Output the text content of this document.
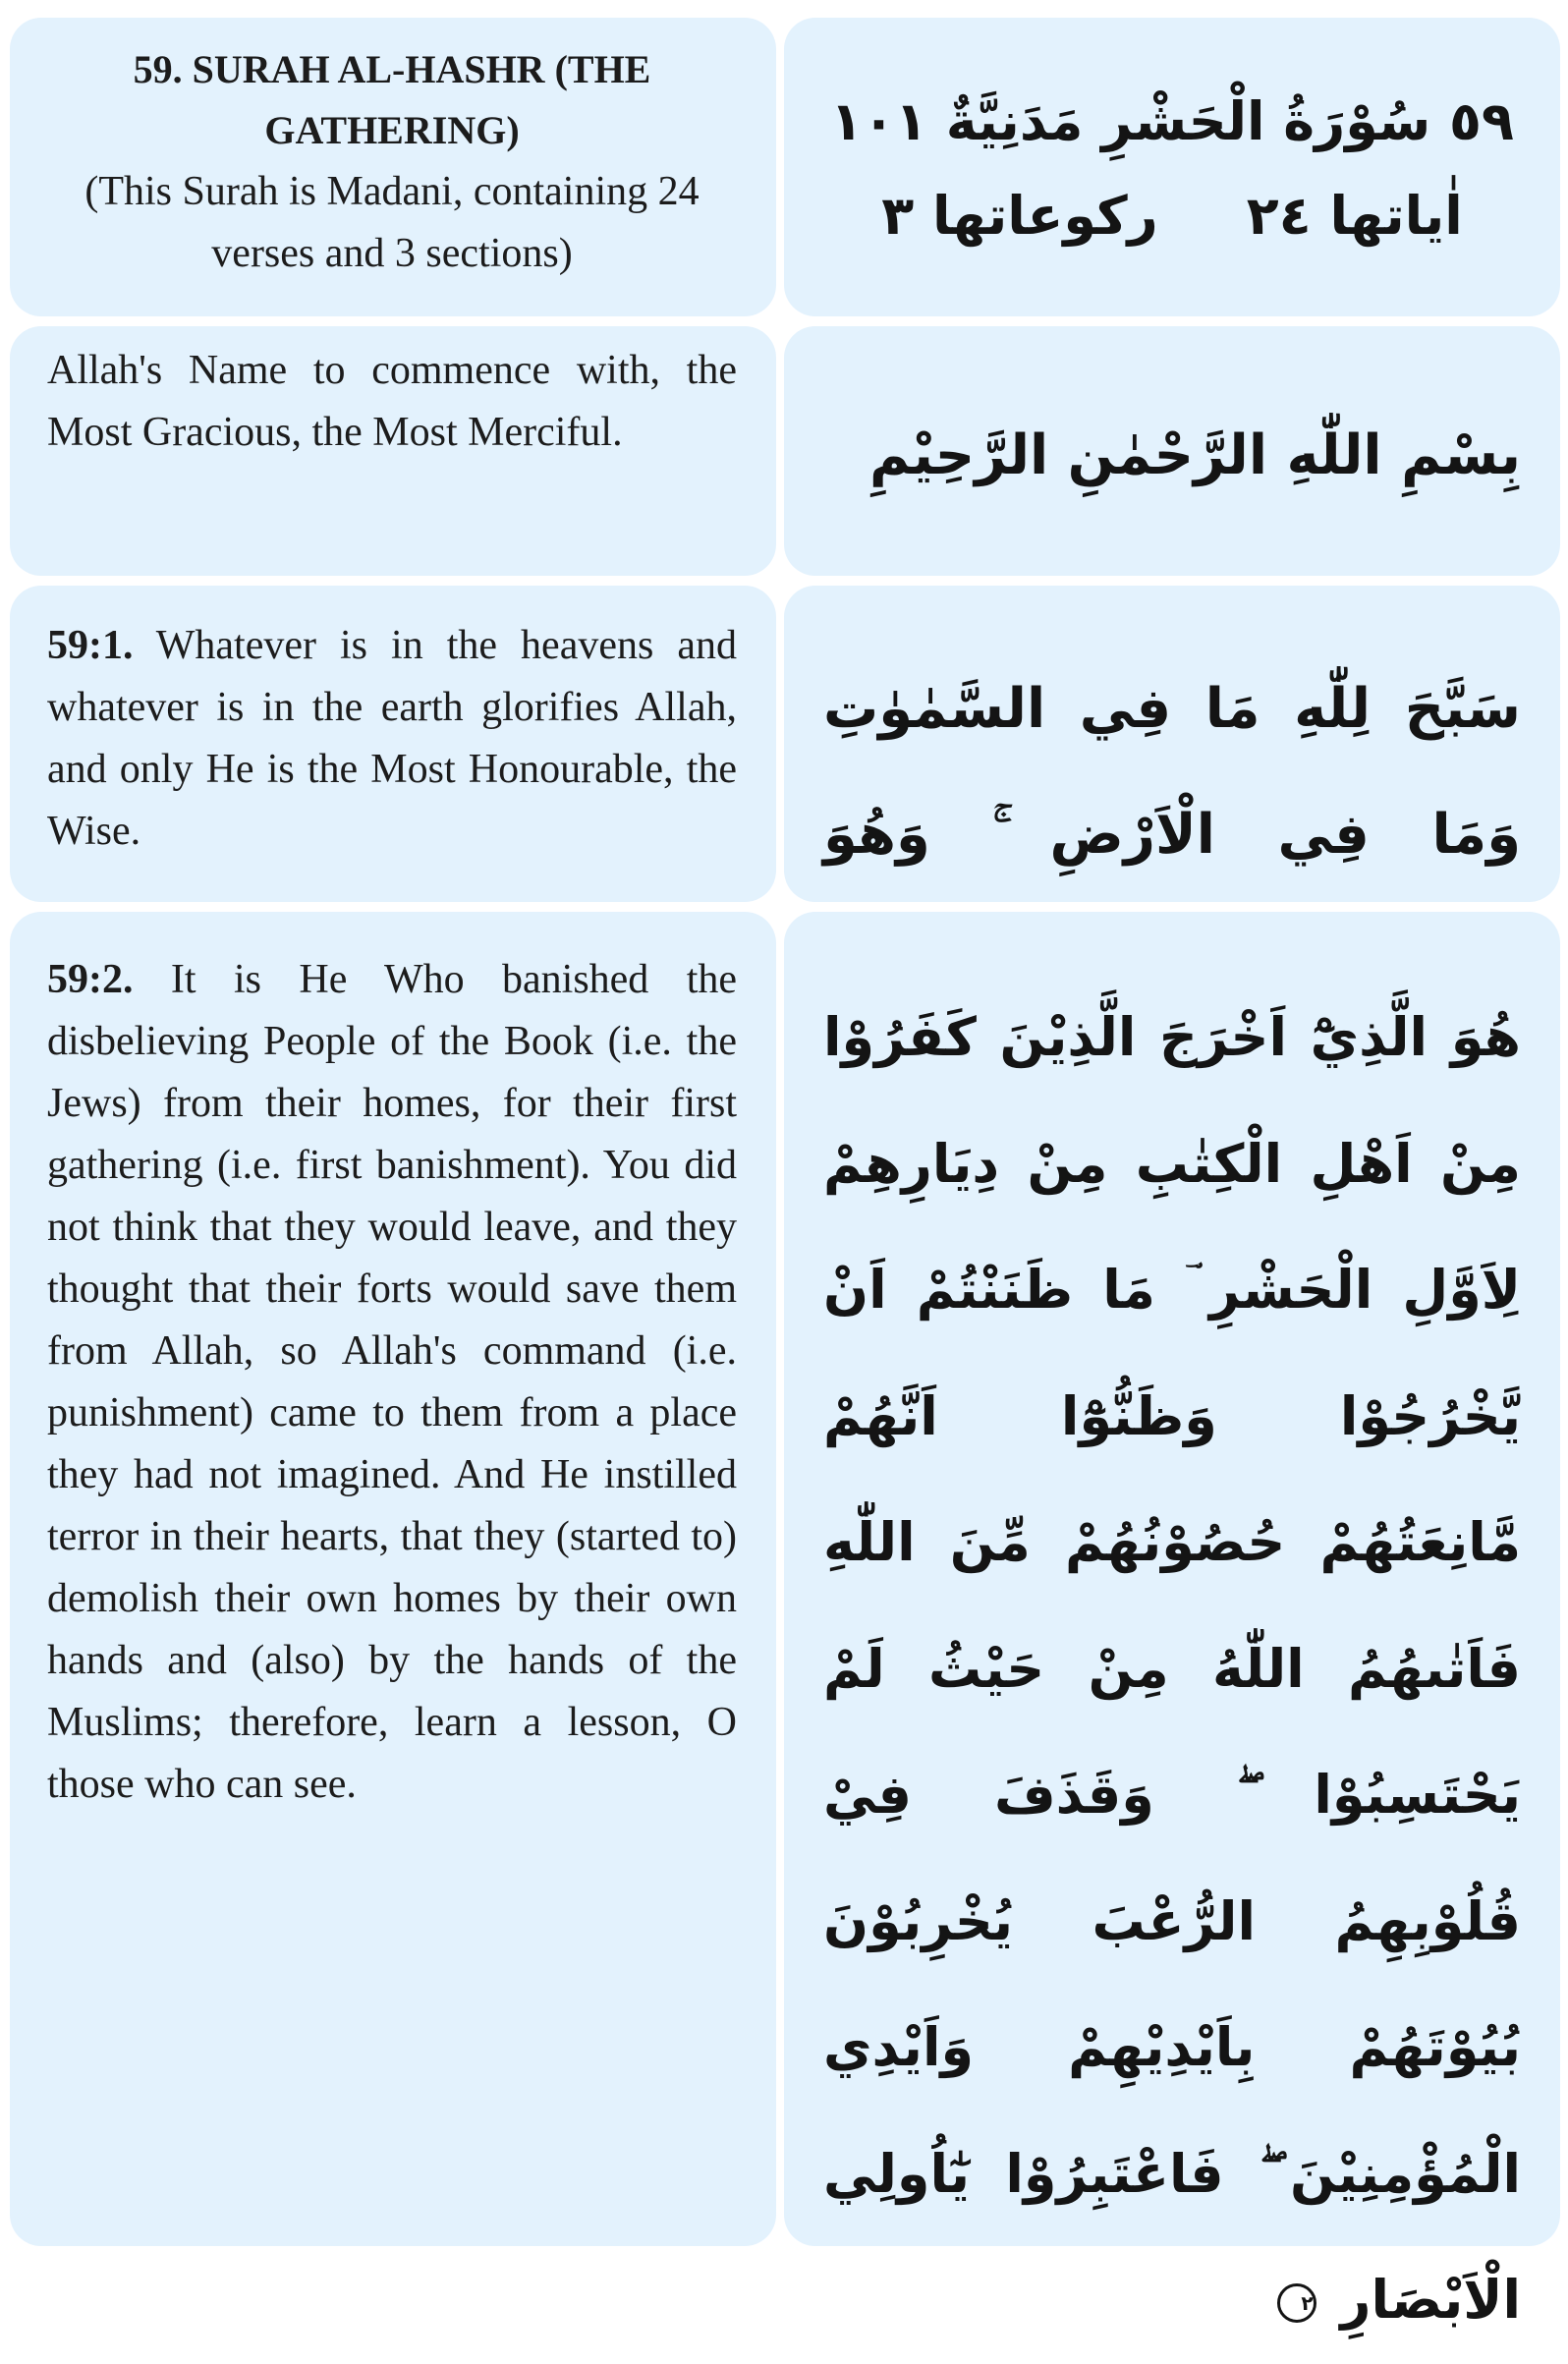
59. SURAH AL-HASHR (THE GATHERING)

(This Surah is Madani, containing 24 verses and 3 sections)

٥٩ سُوْرَةُ الْحَشْرِ مَدَنِيَّةٌ ١٠١
اٰياتها ٢٤
ركوعاتها ٣

Allah's Name to commence with, the Most Gracious, the Most Merciful.	بِسْمِ اللّٰهِ الرَّحْمٰنِ الرَّحِيْمِ

59:1. Whatever is in the heavens and whatever is in the earth glorifies Allah, and only He is the Most Honourable, the Wise.

سَبَّحَ لِلّٰهِ مَا فِي السَّمٰوٰتِ وَمَا فِي الْاَرْضِ ۚ وَهُوَ

59:2. It is He Who banished the disbelieving People of the Book (i.e. the Jews) from their homes, for their first gathering (i.e. first banishment). You did not think that they would leave, and they thought that their forts would save them from Allah, so Allah's command (i.e. punishment) came to them from a place they had not imagined. And He instilled terror in their hearts, that they (started to) demolish their own homes by their own hands and (also) by the hands of the Muslims; therefore, learn a lesson, O those who can see.

هُوَ الَّذِيْٓ اَخْرَجَ الَّذِيْنَ كَفَرُوْا مِنْ اَهْلِ الْكِتٰبِ مِنْ دِيَارِهِمْ لِاَوَّلِ الْحَشْرِ ؔ مَا ظَنَنْتُمْ اَنْ يَّخْرُجُوْا وَظَنُّوْٓا اَنَّهُمْ مَّانِعَتُهُمْ حُصُوْنُهُمْ مِّنَ اللّٰهِ فَاَتٰىهُمُ اللّٰهُ مِنْ حَيْثُ لَمْ يَحْتَسِبُوْا ۖ وَقَذَفَ فِيْ قُلُوْبِهِمُ الرُّعْبَ يُخْرِبُوْنَ بُيُوْتَهُمْ بِاَيْدِيْهِمْ وَاَيْدِي الْمُؤْمِنِيْنَ ۖ فَاعْتَبِرُوْا يٰٓاُولِي الْاَبْصَارِ ٢
